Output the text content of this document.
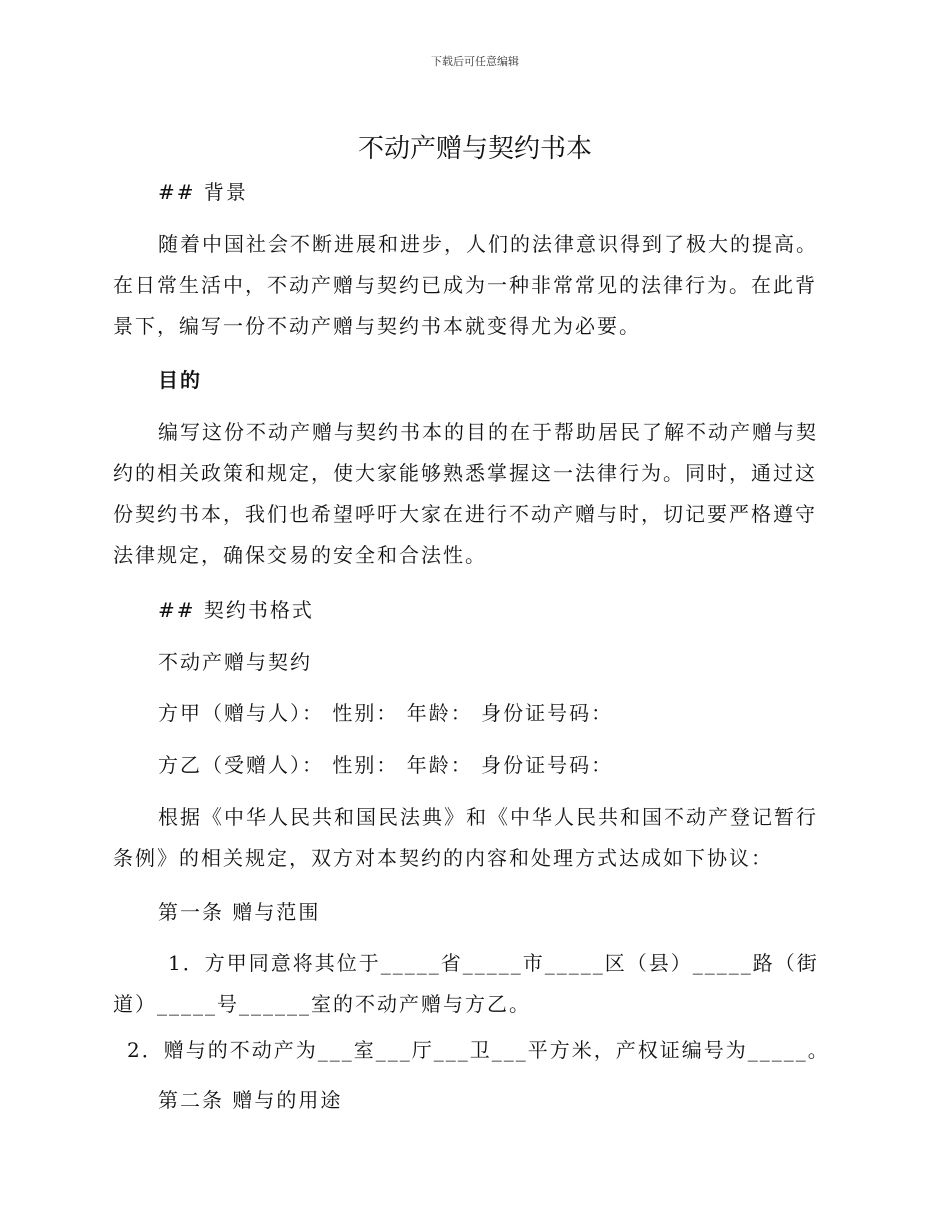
下载后可任意编辑
不动产赠与契约书本
## 背景
随着中国社会不断进展和进步，人们的法律意识得到了极大的提高。在日常生活中，不动产赠与契约已成为一种非常常见的法律行为。在此背景下，编写一份不动产赠与契约书本就变得尤为必要。
目的
编写这份不动产赠与契约书本的目的在于帮助居民了解不动产赠与契约的相关政策和规定，使大家能够熟悉掌握这一法律行为。同时，通过这份契约书本，我们也希望呼吁大家在进行不动产赠与时，切记要严格遵守法律规定，确保交易的安全和合法性。
## 契约书格式
不动产赠与契约
方甲（赠与人）： 性别： 年龄： 身份证号码：
方乙（受赠人）： 性别： 年龄： 身份证号码：
根据《中华人民共和国民法典》和《中华人民共和国不动产登记暂行条例》的相关规定，双方对本契约的内容和处理方式达成如下协议：
第一条 赠与范围
1．方甲同意将其位于_____省_____市_____区（县）_____路（街道）_____号______室的不动产赠与方乙。
2．赠与的不动产为___室___厅___卫___平方米，产权证编号为_____。
第二条 赠与的用途
